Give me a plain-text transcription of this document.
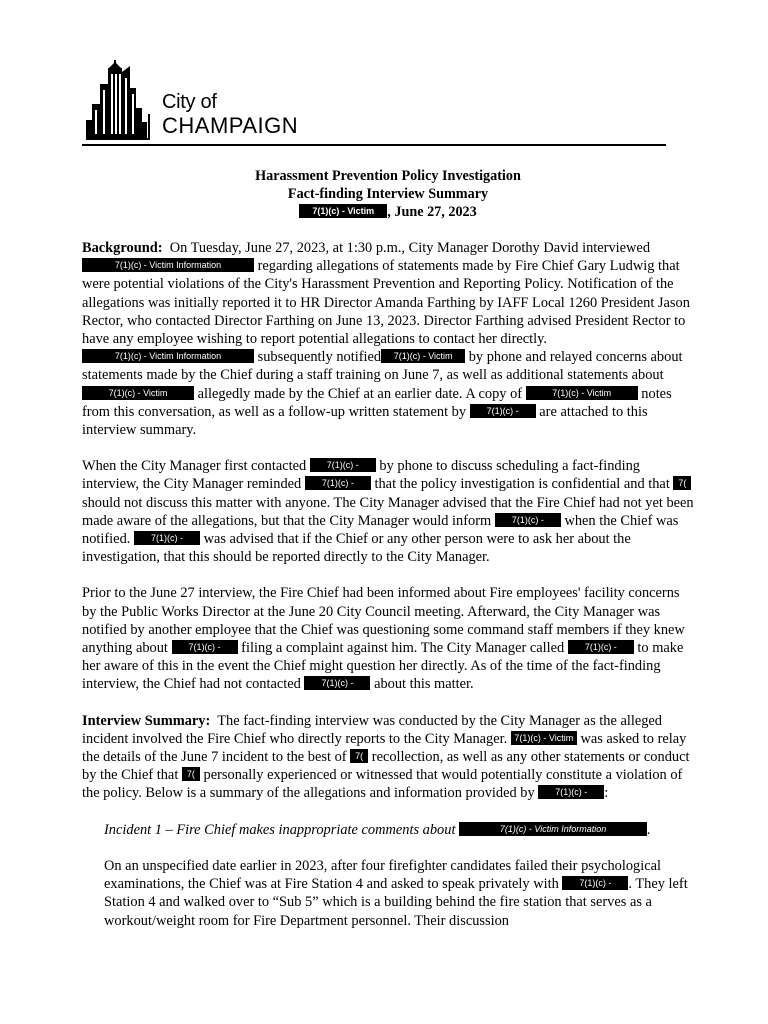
City of
CHAMPAIGN
Harassment Prevention Policy Investigation
Fact-finding Interview Summary
7(1)(c) - Victim , June 27, 2023

Background: On Tuesday, June 27, 2023, at 1:30 p.m., City Manager Dorothy David interviewed 7(1)(c) - Victim Information	regarding allegations of statements made by Fire Chief Gary Ludwig that were potential violations of the City's Harassment Prevention and Reporting Policy. Notification of the allegations was initially reported it to HR Director Amanda Farthing by IAFF Local 1260 President Jason Rector, who contacted Director Farthing on June 13, 2023. Director Farthing advised President Rector to have any employee wishing to report potential allegations to contact her directly. 7(1)(c) - Victim Information	subsequently notified 7(1)(c) - Victim by phone and relayed concerns about statements made by the Chief during a staff training on June 7, as well as additional statements about 7(1)(c) - Victim allegedly made by the Chief at an earlier date. A copy of	7(1)(c) - Victim notes from this conversation, as well as a follow-up written statement by 7(1)(c) - are attached to this interview summary.

When the City Manager first contacted 7(1)(c) - by phone to discuss scheduling a fact-finding interview, the City Manager reminded 7(1)(c) - that the policy investigation is confidential and that 7( should not discuss this matter with anyone. The City Manager advised that the Fire Chief had not yet been made aware of the allegations, but that the City Manager would inform 7(1)(c) - when the Chief was notified. 7(1)(c) - was advised that if the Chief or any other person were to ask her about the investigation, that this should be reported directly to the City Manager.

Prior to the June 27 interview, the Fire Chief had been informed about Fire employees' facility concerns by the Public Works Director at the June 20 City Council meeting. Afterward, the City Manager was notified by another employee that the Chief was questioning some command staff members if they knew anything about 7(1)(c) - filing a complaint against him. The City Manager called 7(1)(c) - to make her aware of this in the event the Chief might question her directly. As of the time of the fact-finding interview, the Chief had not contacted 7(1)(c) - about this matter.

Interview Summary: The fact-finding interview was conducted by the City Manager as the alleged incident involved the Fire Chief who directly reports to the City Manager. 7(1)(c) - Victim was asked to relay the details of the June 7 incident to the best of 7( recollection, as well as any other statements or conduct by the Chief that 7( personally experienced or witnessed that would potentially constitute a violation of the policy. Below is a summary of the allegations and information provided by 7(1)(c) - :

Incident 1 – Fire Chief makes inappropriate comments about	7(1)(c) - Victim Information	.

On an unspecified date earlier in 2023, after four firefighter candidates failed their psychological examinations, the Chief was at Fire Station 4 and asked to speak privately with 7(1)(c) - . They left Station 4 and walked over to “Sub 5” which is a building behind the fire station that serves as a workout/weight room for Fire Department personnel. Their discussion
